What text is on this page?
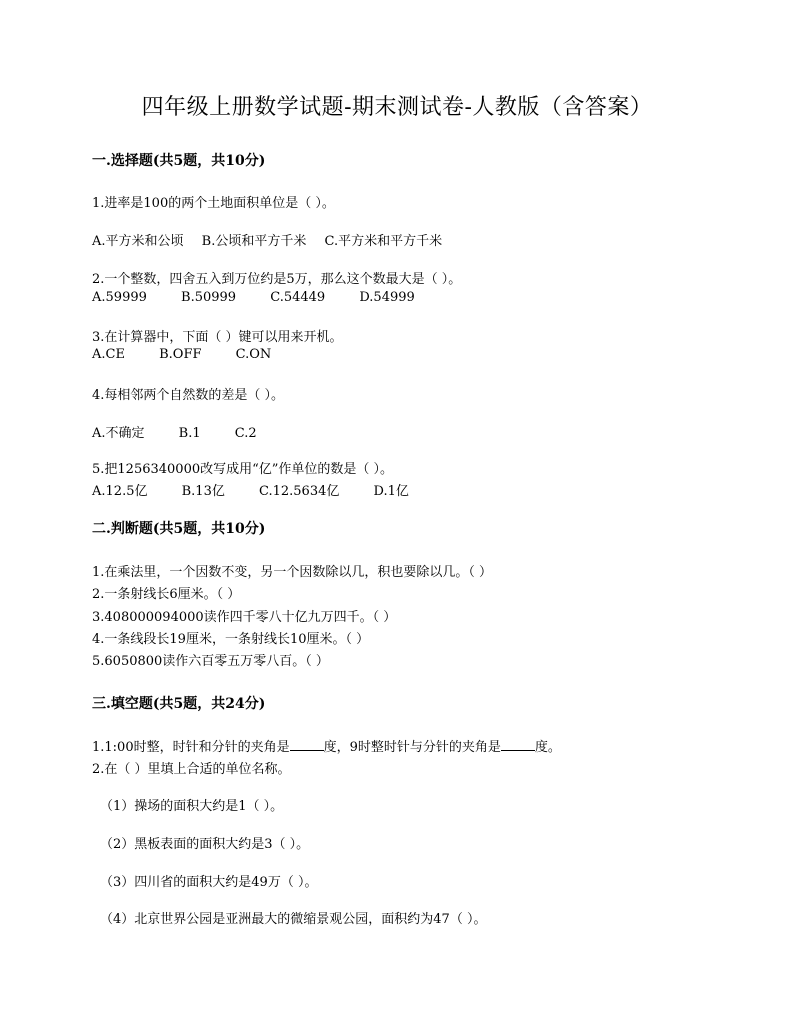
四年级上册数学试题-期末测试卷-人教版（含答案）
一.选择题(共5题，共10分)
1.进率是100的两个土地面积单位是（ ）。
A.平方米和公顷 B.公顷和平方千米 C.平方米和平方千米
2.一个整数，四舍五入到万位约是5万，那么这个数最大是（ ）。
A.59999	B.50999	C.54449	D.54999
3.在计算器中，下面（ ）键可以用来开机。
A.CE	B.OFF	C.ON
4.每相邻两个自然数的差是（ ）。
A.不确定	B.1	C.2
5.把1256340000改写成用“亿”作单位的数是（ ）。
A.12.5亿	B.13亿	C.12.5634亿	D.1亿
二.判断题(共5题，共10分)
1.在乘法里，一个因数不变，另一个因数除以几，积也要除以几。（ ）
2.一条射线长6厘米。（ ）
3.408000094000读作四千零八十亿九万四千。（ ）
4.一条线段长19厘米，一条射线长10厘米。（ ）
5.6050800读作六百零五万零八百。（ ）
三.填空题(共5题，共24分)
1.1:00时整，时针和分针的夹角是	度，9时整时针与分针的夹角是	度。
2.在（ ）里填上合适的单位名称。
（1）操场的面积大约是1（ ）。
（2）黑板表面的面积大约是3（ ）。
（3）四川省的面积大约是49万（ ）。
（4）北京世界公园是亚洲最大的微缩景观公园，面积约为47（ ）。
